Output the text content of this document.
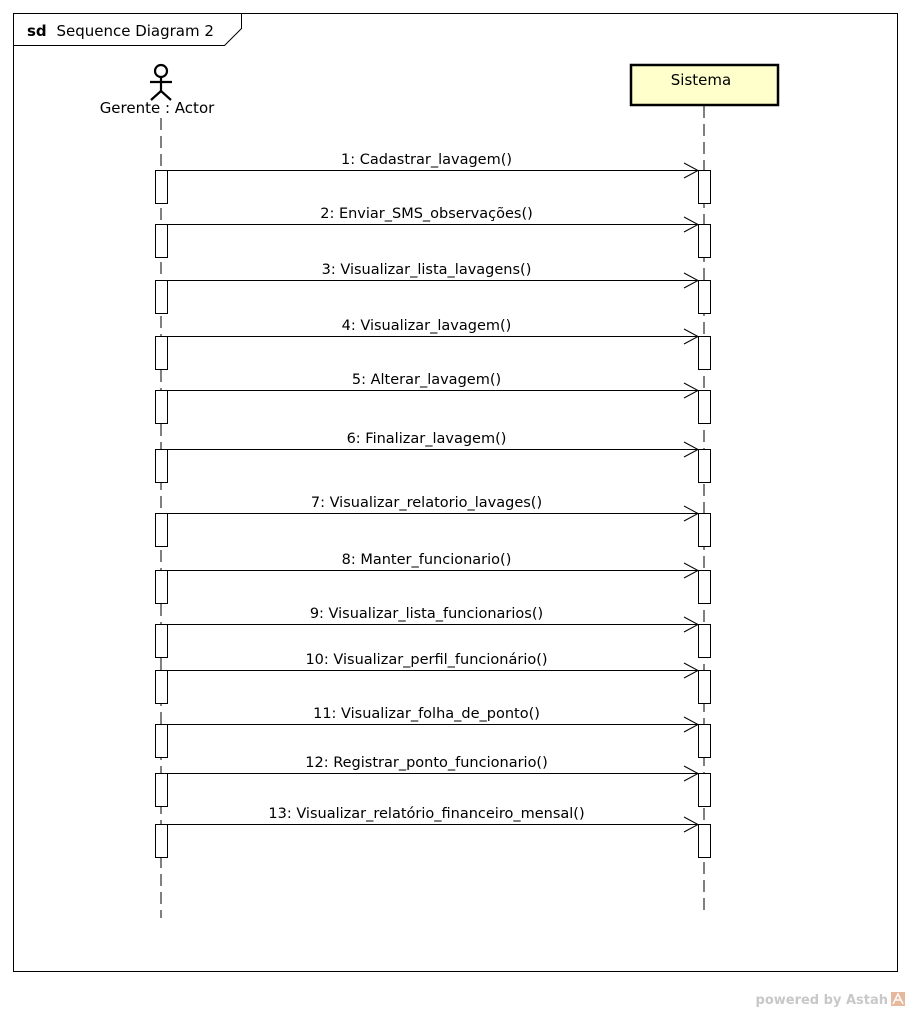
sd Sequence Diagram 2
Gerente : Actor
Sistema
1: Cadastrar_lavagem()
2: Enviar_SMS_observações()
3: Visualizar_lista_lavagens()
4: Visualizar_lavagem()
5: Alterar_lavagem()
6: Finalizar_lavagem()
7: Visualizar_relatorio_lavages()
8: Manter_funcionario()
9: Visualizar_lista_funcionarios()
10: Visualizar_perfil_funcionário()
11: Visualizar_folha_de_ponto()
12: Registrar_ponto_funcionario()
13: Visualizar_relatório_financeiro_mensal()
powered by Astah
